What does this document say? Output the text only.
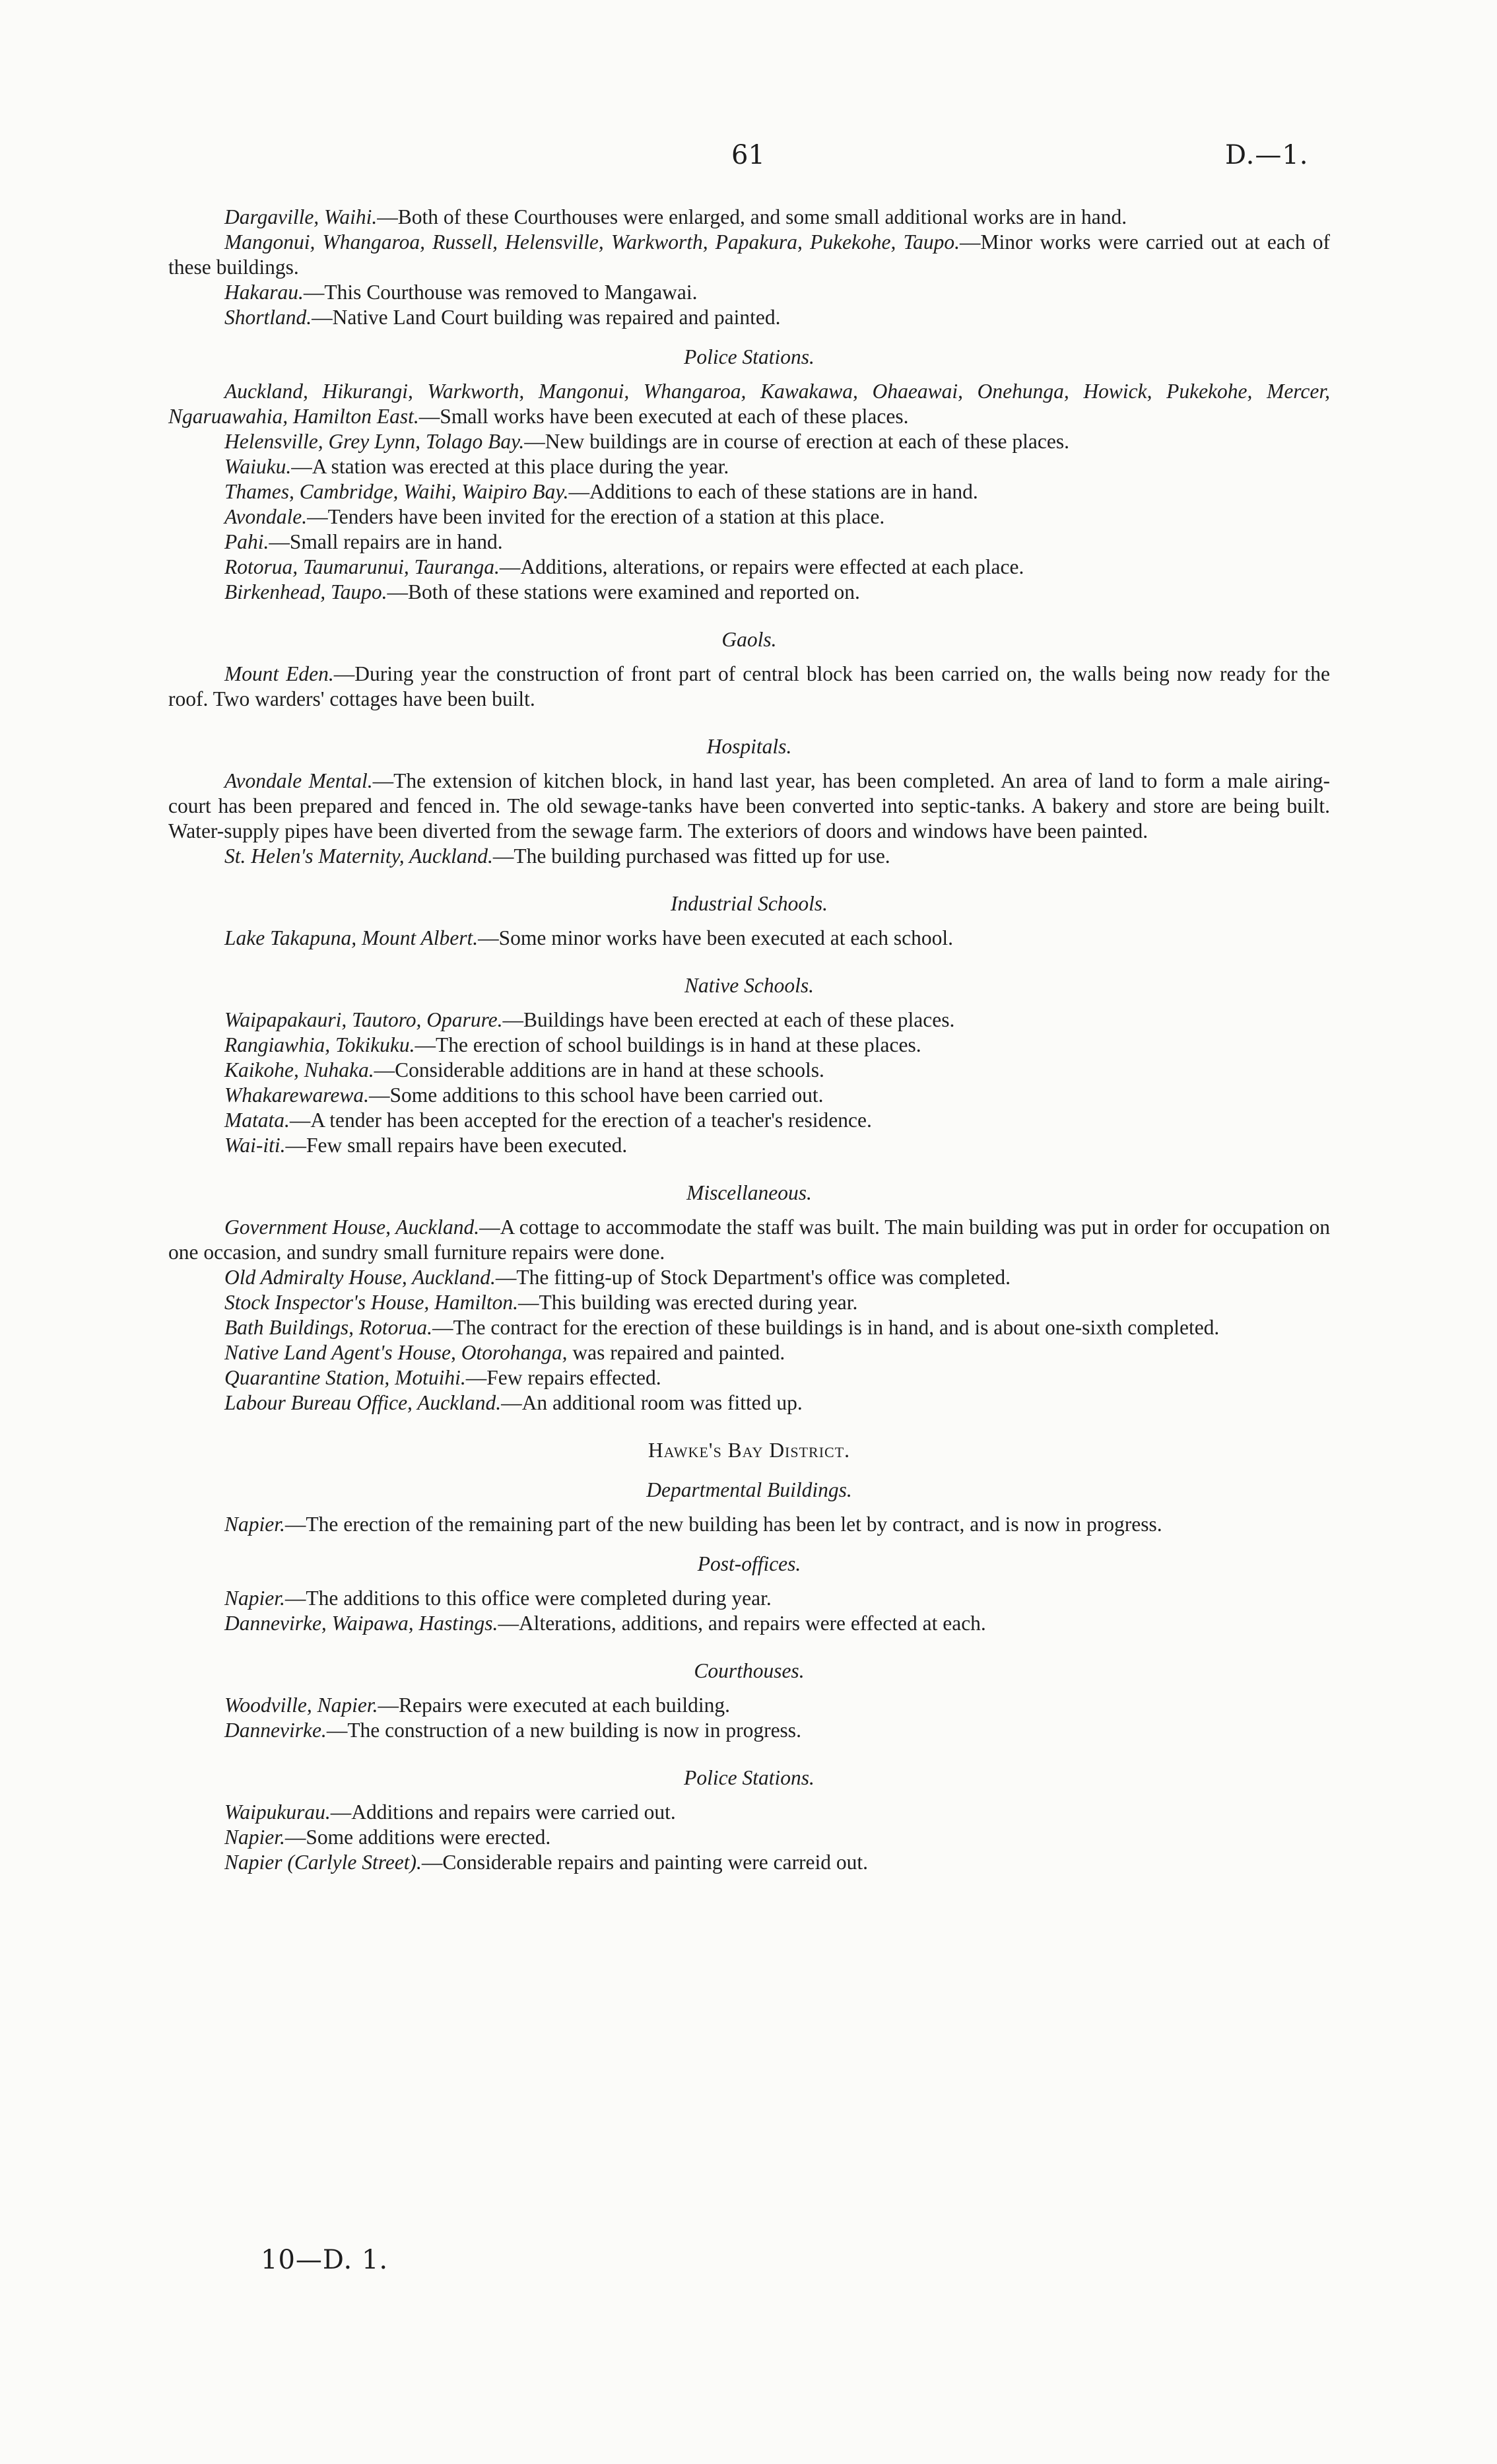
61	D.—1.

Dargaville, Waihi.—Both of these Courthouses were enlarged, and some small additional works are in hand.

Mangonui, Whangaroa, Russell, Helensville, Warkworth, Papakura, Pukekohe, Taupo.—Minor works were carried out at each of these buildings.

Hakarau.—This Courthouse was removed to Mangawai.

Shortland.—Native Land Court building was repaired and painted.

Police Stations.

Auckland, Hikurangi, Warkworth, Mangonui, Whangaroa, Kawakawa, Ohaeawai, Onehunga, Howick, Pukekohe, Mercer, Ngaruawahia, Hamilton East.—Small works have been executed at each of these places.

Helensville, Grey Lynn, Tolago Bay.—New buildings are in course of erection at each of these places.

Waiuku.—A station was erected at this place during the year.

Thames, Cambridge, Waihi, Waipiro Bay.—Additions to each of these stations are in hand.

Avondale.—Tenders have been invited for the erection of a station at this place.

Pahi.—Small repairs are in hand.

Rotorua, Taumarunui, Tauranga.—Additions, alterations, or repairs were effected at each place.

Birkenhead, Taupo.—Both of these stations were examined and reported on.

Gaols.

Mount Eden.—During year the construction of front part of central block has been carried on, the walls being now ready for the roof. Two warders' cottages have been built.

Hospitals.

Avondale Mental.—The extension of kitchen block, in hand last year, has been completed. An area of land to form a male airing-court has been prepared and fenced in. The old sewage-tanks have been converted into septic-tanks. A bakery and store are being built. Water-supply pipes have been diverted from the sewage farm. The exteriors of doors and windows have been painted.

St. Helen's Maternity, Auckland.—The building purchased was fitted up for use.

Industrial Schools.

Lake Takapuna, Mount Albert.—Some minor works have been executed at each school.

Native Schools.

Waipapakauri, Tautoro, Oparure.—Buildings have been erected at each of these places.

Rangiawhia, Tokikuku.—The erection of school buildings is in hand at these places.

Kaikohe, Nuhaka.—Considerable additions are in hand at these schools.

Whakarewarewa.—Some additions to this school have been carried out.

Matata.—A tender has been accepted for the erection of a teacher's residence.

Wai-iti.—Few small repairs have been executed.

Miscellaneous.

Government House, Auckland.—A cottage to accommodate the staff was built. The main building was put in order for occupation on one occasion, and sundry small furniture repairs were done.

Old Admiralty House, Auckland.—The fitting-up of Stock Department's office was completed.

Stock Inspector's House, Hamilton.—This building was erected during year.

Bath Buildings, Rotorua.—The contract for the erection of these buildings is in hand, and is about one-sixth completed.

Native Land Agent's House, Otorohanga, was repaired and painted.

Quarantine Station, Motuihi.—Few repairs effected.

Labour Bureau Office, Auckland.—An additional room was fitted up.

Hawke's Bay District.
Departmental Buildings.

Napier.—The erection of the remaining part of the new building has been let by contract, and is now in progress.

Post-offices.

Napier.—The additions to this office were completed during year.

Dannevirke, Waipawa, Hastings.—Alterations, additions, and repairs were effected at each.

Courthouses.

Woodville, Napier.—Repairs were executed at each building.

Dannevirke.—The construction of a new building is now in progress.

Police Stations.

Waipukurau.—Additions and repairs were carried out.

Napier.—Some additions were erected.

Napier (Carlyle Street).—Considerable repairs and painting were carreid out.

10—D. 1.
